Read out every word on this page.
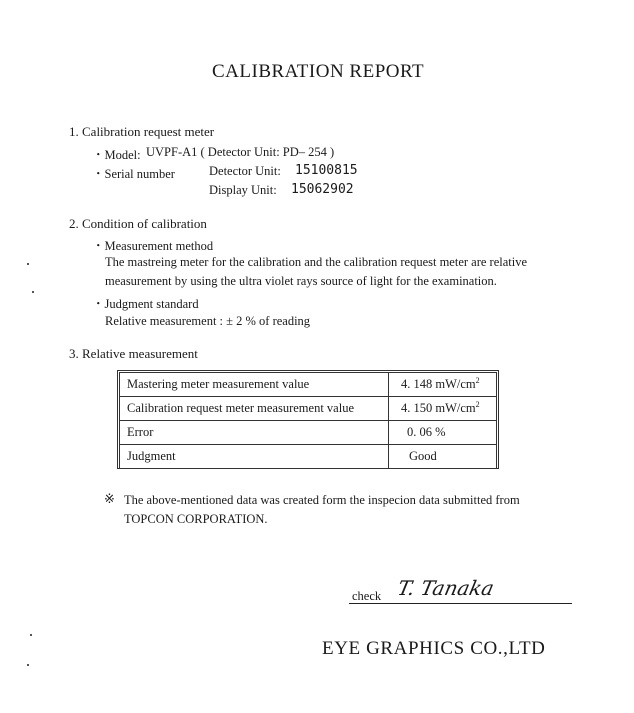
CALIBRATION REPORT
1. Calibration request meter
・Model: UVPF-A1 ( Detector Unit: PD– 254 )
・Serial number	Detector Unit: 15100815
Display Unit: 15062902
2. Condition of calibration
・Measurement method
The mastreing meter for the calibration and the calibration request meter are relative
measurement by using the ultra violet rays source of light for the examination.
・Judgment standard
Relative measurement : ± 2 % of reading
3. Relative measurement
Mastering meter measurement value	4. 148 $mW/cm^2$
Calibration request meter measurement value	4. 150 $mW/cm^2$
Error	0. 06 %
Judgment	Good
※ The above-mentioned data was created form the inspecion data submitted from
TOPCON CORPORATION.
check T. Tanaka
EYE GRAPHICS CO.,LTD
